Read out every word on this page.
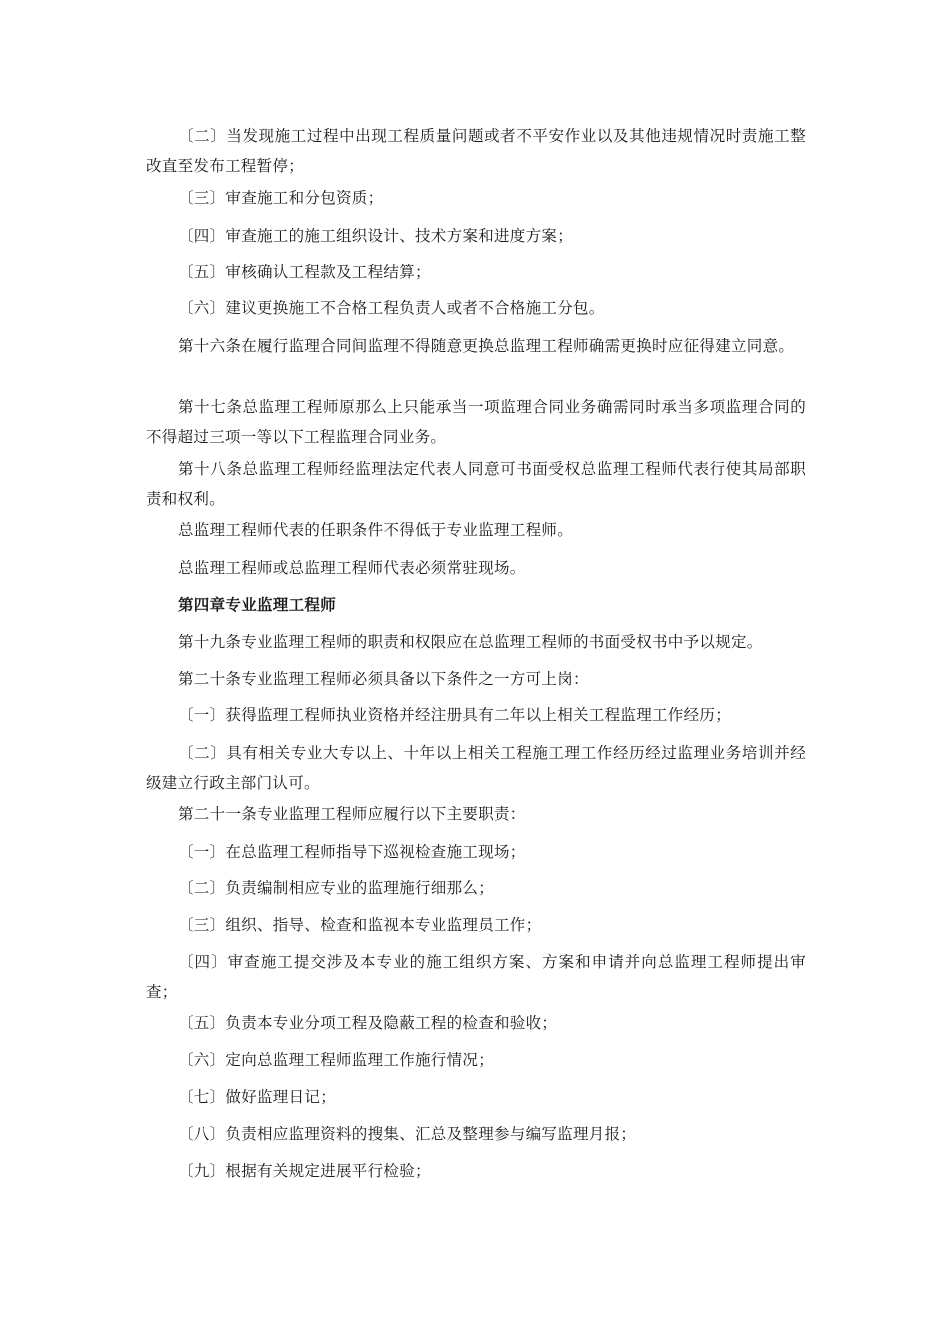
〔二〕当发现施工过程中出现工程质量问题或者不平安作业以及其他违规情况时责施工整改直至发布工程暂停；

〔三〕审查施工和分包资质；

〔四〕审查施工的施工组织设计、技术方案和进度方案；

〔五〕审核确认工程款及工程结算；

〔六〕建议更换施工不合格工程负责人或者不合格施工分包。

第十六条在履行监理合同间监理不得随意更换总监理工程师确需更换时应征得建立同意。

第十七条总监理工程师原那么上只能承当一项监理合同业务确需同时承当多项监理合同的不得超过三项一等以下工程监理合同业务。

第十八条总监理工程师经监理法定代表人同意可书面受权总监理工程师代表行使其局部职责和权利。

总监理工程师代表的任职条件不得低于专业监理工程师。

总监理工程师或总监理工程师代表必须常驻现场。

第四章专业监理工程师

第十九条专业监理工程师的职责和权限应在总监理工程师的书面受权书中予以规定。

第二十条专业监理工程师必须具备以下条件之一方可上岗：

〔一〕获得监理工程师执业资格并经注册具有二年以上相关工程监理工作经历；

〔二〕具有相关专业大专以上、十年以上相关工程施工理工作经历经过监理业务培训并经级建立行政主部门认可。

第二十一条专业监理工程师应履行以下主要职责：

〔一〕在总监理工程师指导下巡视检查施工现场；

〔二〕负责编制相应专业的监理施行细那么；

〔三〕组织、指导、检查和监视本专业监理员工作；

〔四〕审查施工提交涉及本专业的施工组织方案、方案和申请并向总监理工程师提出审查；

〔五〕负责本专业分项工程及隐蔽工程的检查和验收；

〔六〕定向总监理工程师监理工作施行情况；

〔七〕做好监理日记；

〔八〕负责相应监理资料的搜集、汇总及整理参与编写监理月报；

〔九〕根据有关规定进展平行检验；
